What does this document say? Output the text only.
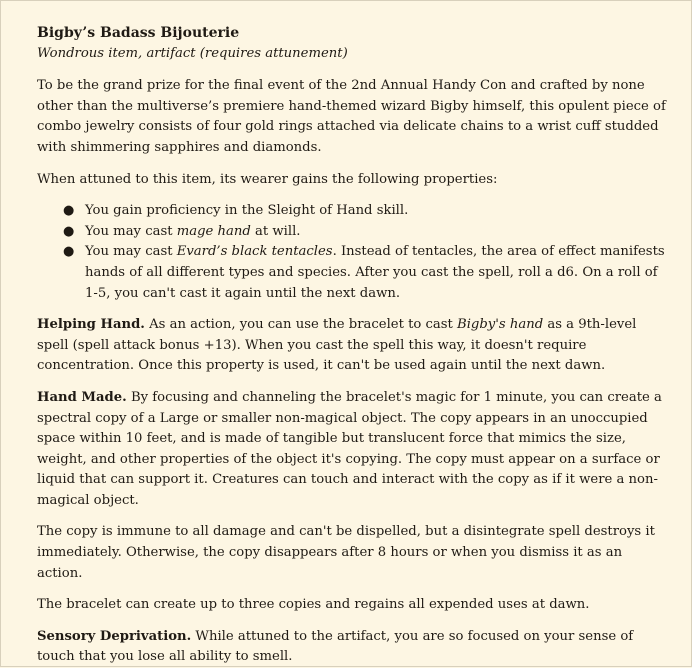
Bigby’s Badass Bijouterie
Wondrous item, artifact (requires attunement)

To be the grand prize for the final event of the 2nd Annual Handy Con and crafted by none other than the multiverse’s premiere hand-themed wizard Bigby himself, this opulent piece of combo jewelry consists of four gold rings attached via delicate chains to a wrist cuff studded with shimmering sapphires and diamonds.

When attuned to this item, its wearer gains the following properties:

● You gain proficiency in the Sleight of Hand skill.
● You may cast mage hand at will.
● You may cast Evard’s black tentacles. Instead of tentacles, the area of effect manifests hands of all different types and species. After you cast the spell, roll a d6. On a roll of 1-5, you can't cast it again until the next dawn.

Helping Hand. As an action, you can use the bracelet to cast Bigby's hand as a 9th-level spell (spell attack bonus +13). When you cast the spell this way, it doesn't require concentration. Once this property is used, it can't be used again until the next dawn.

Hand Made. By focusing and channeling the bracelet's magic for 1 minute, you can create a spectral copy of a Large or smaller non-magical object. The copy appears in an unoccupied space within 10 feet, and is made of tangible but translucent force that mimics the size, weight, and other properties of the object it's copying. The copy must appear on a surface or liquid that can support it. Creatures can touch and interact with the copy as if it were a non-magical object.

The copy is immune to all damage and can't be dispelled, but a disintegrate spell destroys it immediately. Otherwise, the copy disappears after 8 hours or when you dismiss it as an action.

The bracelet can create up to three copies and regains all expended uses at dawn.

Sensory Deprivation. While attuned to the artifact, you are so focused on your sense of touch that you lose all ability to smell.
